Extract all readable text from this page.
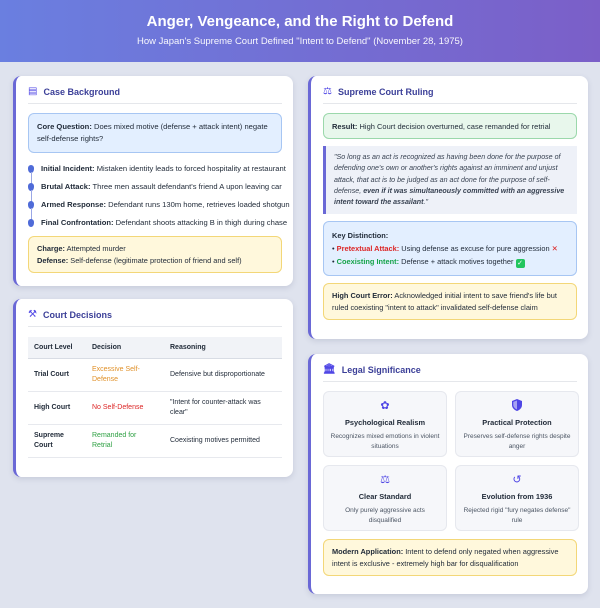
Anger, Vengeance, and the Right to Defend

How Japan's Supreme Court Defined "Intent to Defend" (November 28, 1975)

▤ Case Background
Core Question: Does mixed motive (defense + attack intent) negate self-defense rights?
Initial Incident: Mistaken identity leads to forced hospitality at restaurant
Brutal Attack: Three men assault defendant's friend A upon leaving car
Armed Response: Defendant runs 130m home, retrieves loaded shotgun
Final Confrontation: Defendant shoots attacking B in thigh during chase
Charge: Attempted murder
Defense: Self-defense (legitimate protection of friend and self)
⚒ Court Decisions
Court Level	Decision	Reasoning
Trial Court	Excessive Self-Defense	Defensive but disproportionate
High Court	No Self-Defense	"Intent for counter-attack was clear"
Supreme Court	Remanded for Retrial	Coexisting motives permitted
⚖ Supreme Court Ruling
Result: High Court decision overturned, case remanded for retrial
"So long as an act is recognized as having been done for the purpose of defending one's own or another's rights against an imminent and unjust attack, that act is to be judged as an act done for the purpose of self-defense, even if it was simultaneously committed with an aggressive intent toward the assailant."
Key Distinction:
• Pretextual Attack: Using defense as excuse for pure aggression ✕
• Coexisting Intent: Defense + attack motives together ✓
High Court Error: Acknowledged initial intent to save friend's life but ruled coexisting "intent to attack" invalidated self-defense claim
🏛 Legal Significance
✿
Psychological Realism
Recognizes mixed emotions in violent situations
Practical Protection
Preserves self-defense rights despite anger
⚖
Clear Standard
Only purely aggressive acts disqualified
↺
Evolution from 1936
Rejected rigid "fury negates defense" rule
Modern Application: Intent to defend only negated when aggressive intent is exclusive - extremely high bar for disqualification
